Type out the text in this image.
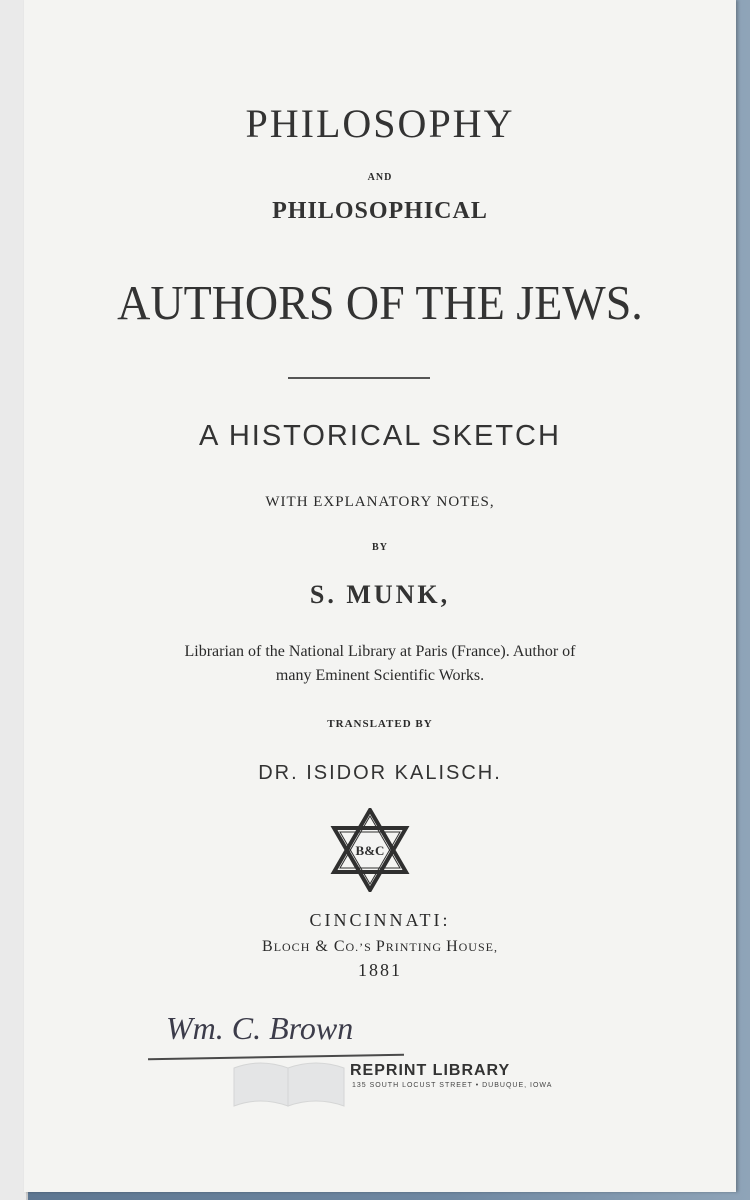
PHILOSOPHY
AND
PHILOSOPHICAL
AUTHORS OF THE JEWS.
A HISTORICAL SKETCH
WITH EXPLANATORY NOTES,
BY
S. MUNK,
Librarian of the National Library at Paris (France). Author of
many Eminent Scientific Works.
TRANSLATED BY
DR. ISIDOR KALISCH.
B&C
CINCINNATI:
BLOCH & CO.’S PRINTING HOUSE,
1881
Wm. C. Brown
REPRINT LIBRARY
135 SOUTH LOCUST STREET • DUBUQUE, IOWA
